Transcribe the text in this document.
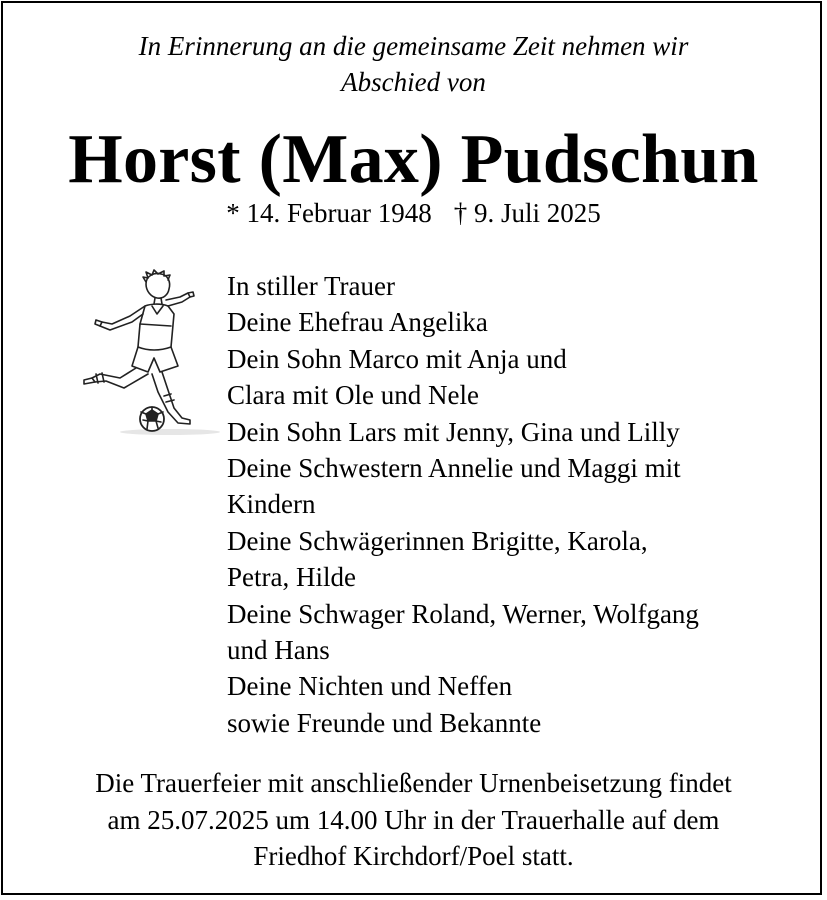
In Erinnerung an die gemeinsame Zeit nehmen wir
Abschied von
Horst (Max) Pudschun
* 14. Februar 1948 † 9. Juli 2025
In stiller Trauer
Deine Ehefrau Angelika
Dein Sohn Marco mit Anja und
Clara mit Ole und Nele
Dein Sohn Lars mit Jenny, Gina und Lilly
Deine Schwestern Annelie und Maggi mit
Kindern
Deine Schwägerinnen Brigitte, Karola,
Petra, Hilde
Deine Schwager Roland, Werner, Wolfgang
und Hans
Deine Nichten und Neffen
sowie Freunde und Bekannte
Die Trauerfeier mit anschließender Urnenbeisetzung findet
am 25.07.2025 um 14.00 Uhr in der Trauerhalle auf dem
Friedhof Kirchdorf/Poel statt.
